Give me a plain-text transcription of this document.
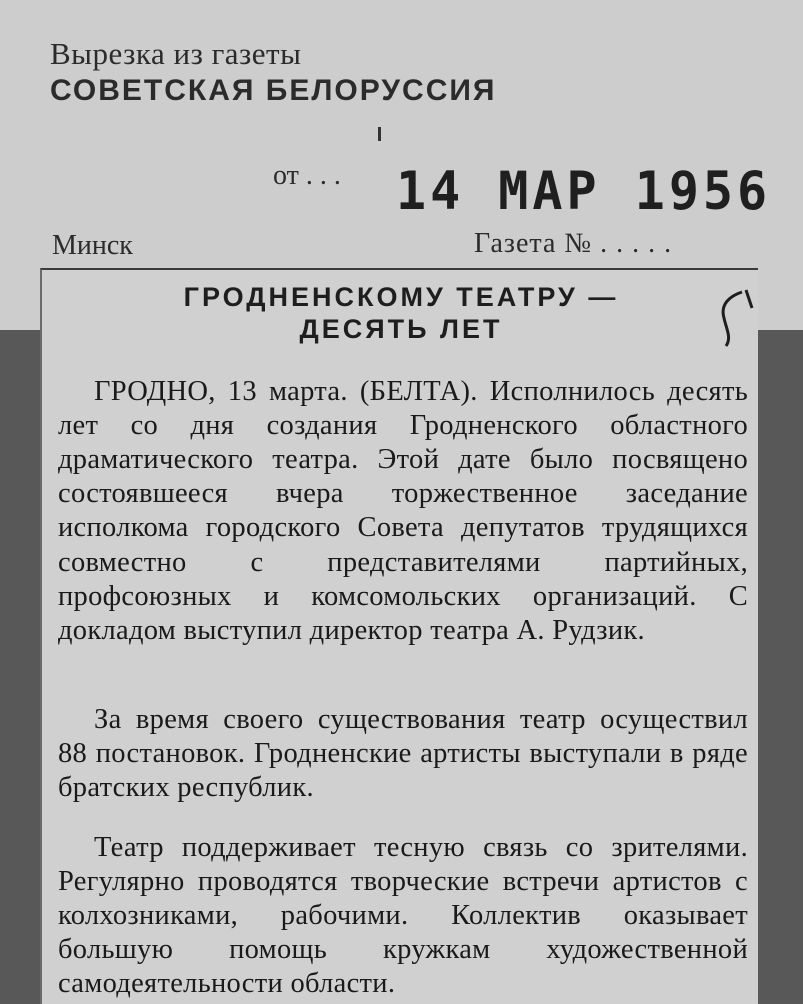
Вырезка из газеты
СОВЕТСКАЯ БЕЛОРУССИЯ
от . . . 14 МАР 1956
Минск	Газета № . . . . .
ГРОДНЕНСКОМУ ТЕАТРУ —
ДЕСЯТЬ ЛЕТ

ГРОДНО, 13 марта. (БЕЛТА). Исполнилось десять лет со дня создания Гродненского областного драматического театра. Этой дате было посвящено состоявшееся вчера торжественное заседание исполкома городского Совета депутатов трудящихся совместно с представителями партийных, профсоюзных и комсомольских организаций. С докладом выступил директор театра А. Рудзик.

За время своего существования театр осуществил 88 постановок. Гродненские артисты выступали в ряде братских республик.

Театр поддерживает тесную связь со зрителями. Регулярно проводятся творческие встречи артистов с колхозниками, рабочими. Коллектив оказывает большую помощь кружкам художественной самодеятельности области.
